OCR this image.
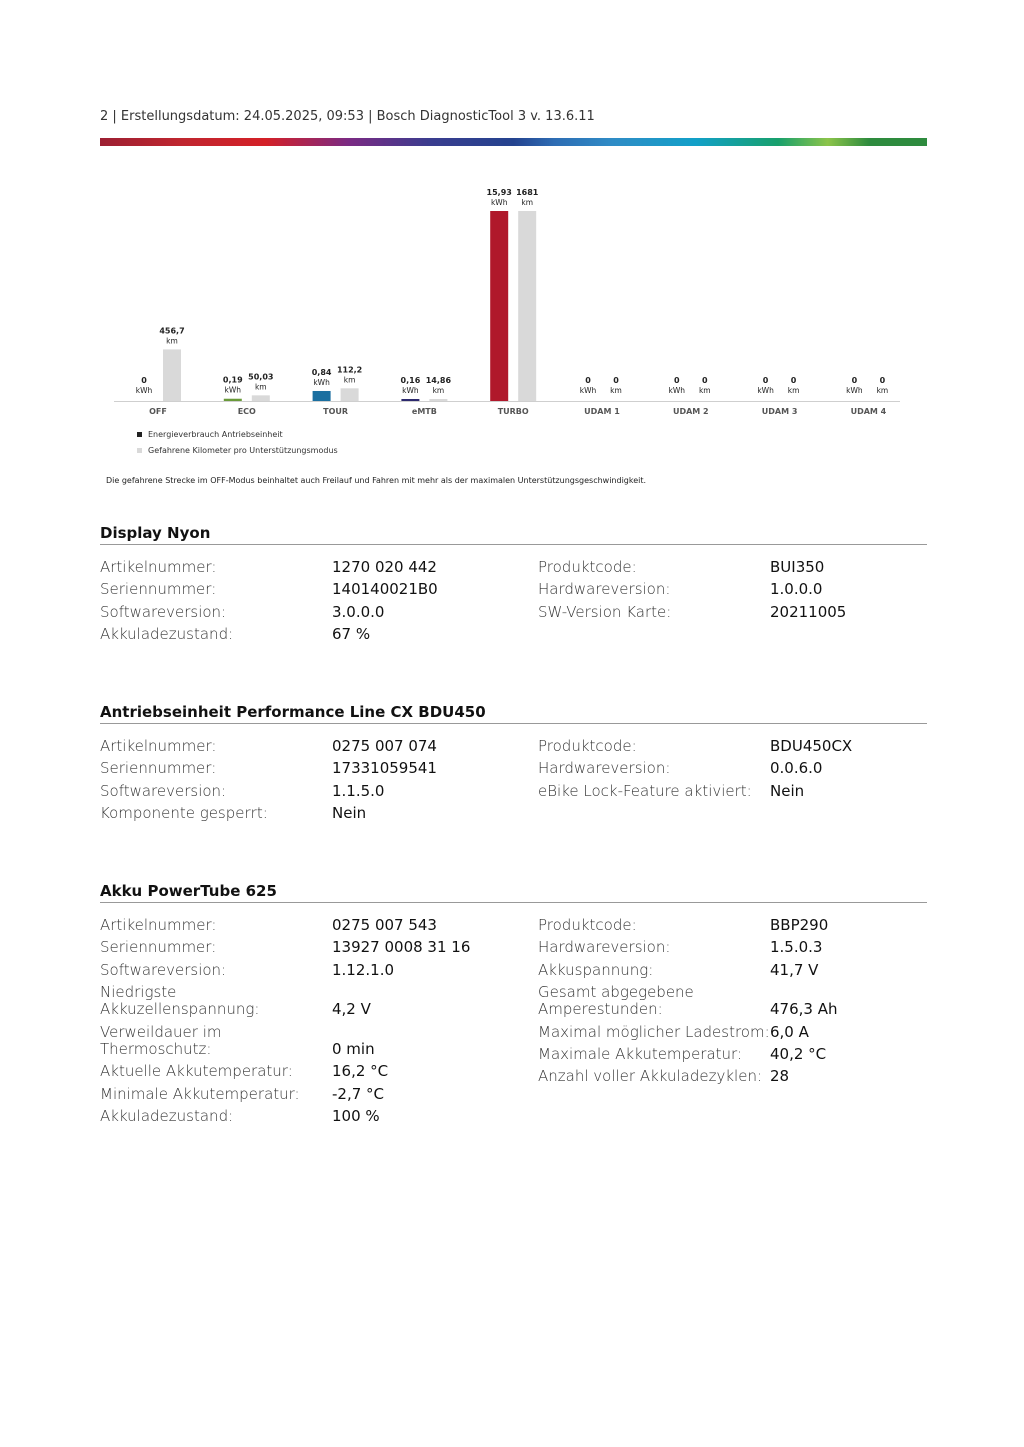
2 | Erstellungsdatum: 24.05.2025, 09:53 | Bosch DiagnosticTool 3 v. 13.6.11
0
kWh
456,7
km
OFF
0,19
kWh
50,03
km
ECO
0,84
kWh
112,2
km
TOUR
0,16
kWh
14,86
km
eMTB
15,93
kWh
1681
km
TURBO
0
kWh
0
km
UDAM 1
0
kWh
0
km
UDAM 2
0
kWh
0
km
UDAM 3
0
kWh
0
km
UDAM 4
Energieverbrauch Antriebseinheit
Gefahrene Kilometer pro Unterstützungsmodus
Die gefahrene Strecke im OFF-Modus beinhaltet auch Freilauf und Fahren mit mehr als der maximalen Unterstützungsgeschwindigkeit.
Display Nyon
Artikelnummer:	1270 020 442
Seriennummer:	140140021B0
Softwareversion:	3.0.0.0
Akkuladezustand:	67 %
Produktcode:	BUI350
Hardwareversion:	1.0.0.0
SW-Version Karte:	20211005
Antriebseinheit Performance Line CX BDU450
Artikelnummer:	0275 007 074
Seriennummer:	17331059541
Softwareversion:	1.1.5.0
Komponente gesperrt:	Nein
Produktcode:	BDU450CX
Hardwareversion:	0.0.6.0
eBike Lock-Feature aktiviert:	Nein
Akku PowerTube 625
Artikelnummer:	0275 007 543
Seriennummer:	13927 0008 31 16
Softwareversion:	1.12.1.0
Niedrigste
Akkuzellenspannung:	4,2 V
Verweildauer im
Thermoschutz:	0 min
Aktuelle Akkutemperatur:	16,2 °C
Minimale Akkutemperatur:	-2,7 °C
Akkuladezustand:	100 %
Produktcode:	BBP290
Hardwareversion:	1.5.0.3
Akkuspannung:	41,7 V
Gesamt abgegebene
Amperestunden:	476,3 Ah
Maximal möglicher Ladestrom: 6,0 A
Maximale Akkutemperatur:	40,2 °C
Anzahl voller Akkuladezyklen: 28
